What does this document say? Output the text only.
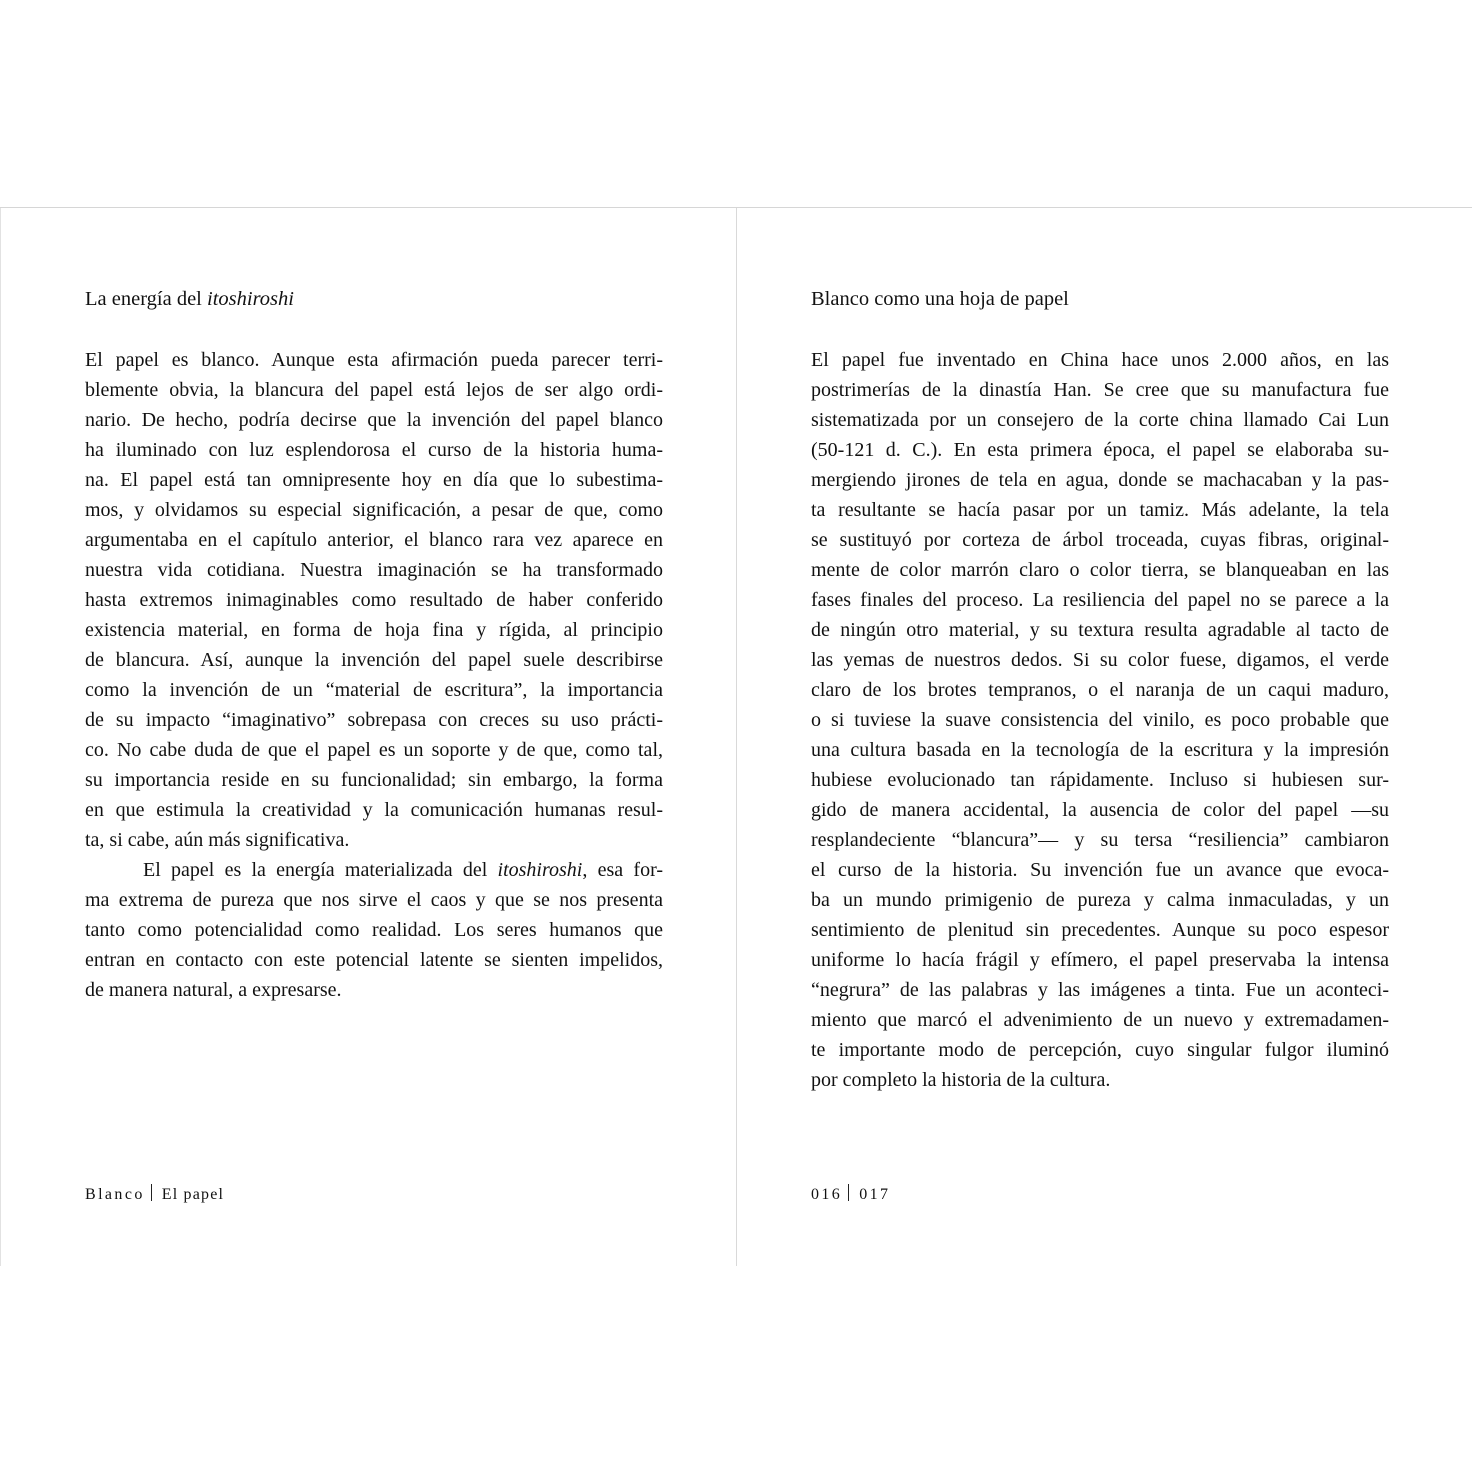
La energía del itoshiroshi
El papel es blanco. Aunque esta afirmación pueda parecer terri-
blemente obvia, la blancura del papel está lejos de ser algo ordi-
nario. De hecho, podría decirse que la invención del papel blanco
ha iluminado con luz esplendorosa el curso de la historia huma-
na. El papel está tan omnipresente hoy en día que lo subestima-
mos, y olvidamos su especial significación, a pesar de que, como
argumentaba en el capítulo anterior, el blanco rara vez aparece en
nuestra vida cotidiana. Nuestra imaginación se ha transformado
hasta extremos inimaginables como resultado de haber conferido
existencia material, en forma de hoja fina y rígida, al principio
de blancura. Así, aunque la invención del papel suele describirse
como la invención de un “material de escritura”, la importancia
de su impacto “imaginativo” sobrepasa con creces su uso prácti-
co. No cabe duda de que el papel es un soporte y de que, como tal,
su importancia reside en su funcionalidad; sin embargo, la forma
en que estimula la creatividad y la comunicación humanas resul-
ta, si cabe, aún más significativa.
El papel es la energía materializada del itoshiroshi, esa for-
ma extrema de pureza que nos sirve el caos y que se nos presenta
tanto como potencialidad como realidad. Los seres humanos que
entran en contacto con este potencial latente se sienten impelidos,
de manera natural, a expresarse.
Blanco El papel
Blanco como una hoja de papel
El papel fue inventado en China hace unos 2.000 años, en las
postrimerías de la dinastía Han. Se cree que su manufactura fue
sistematizada por un consejero de la corte china llamado Cai Lun
(50-121 d. C.). En esta primera época, el papel se elaboraba su-
mergiendo jirones de tela en agua, donde se machacaban y la pas-
ta resultante se hacía pasar por un tamiz. Más adelante, la tela
se sustituyó por corteza de árbol troceada, cuyas fibras, original-
mente de color marrón claro o color tierra, se blanqueaban en las
fases finales del proceso. La resiliencia del papel no se parece a la
de ningún otro material, y su textura resulta agradable al tacto de
las yemas de nuestros dedos. Si su color fuese, digamos, el verde
claro de los brotes tempranos, o el naranja de un caqui maduro,
o si tuviese la suave consistencia del vinilo, es poco probable que
una cultura basada en la tecnología de la escritura y la impresión
hubiese evolucionado tan rápidamente. Incluso si hubiesen sur-
gido de manera accidental, la ausencia de color del papel —su
resplandeciente “blancura”— y su tersa “resiliencia” cambiaron
el curso de la historia. Su invención fue un avance que evoca-
ba un mundo primigenio de pureza y calma inmaculadas, y un
sentimiento de plenitud sin precedentes. Aunque su poco espesor
uniforme lo hacía frágil y efímero, el papel preservaba la intensa
“negrura” de las palabras y las imágenes a tinta. Fue un aconteci-
miento que marcó el advenimiento de un nuevo y extremadamen-
te importante modo de percepción, cuyo singular fulgor iluminó
por completo la historia de la cultura.
016 017
